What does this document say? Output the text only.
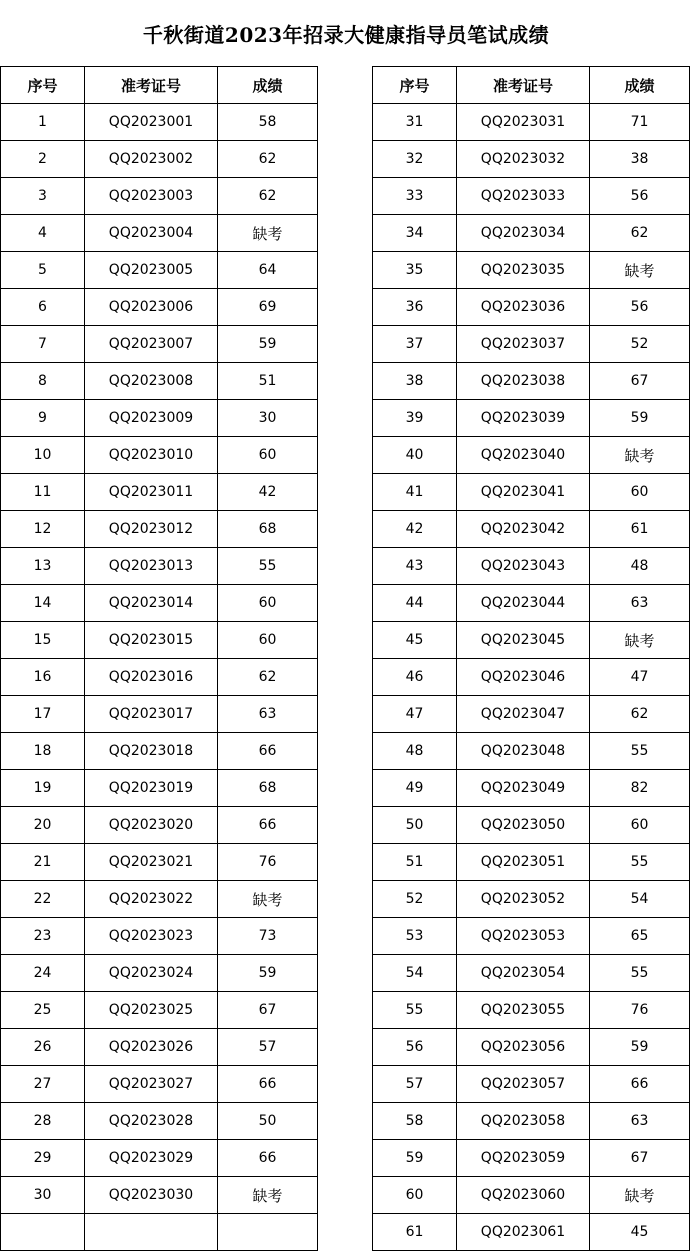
千秋街道2023年招录大健康指导员笔试成绩
序号	准考证号	成绩
1	QQ2023001	58
2	QQ2023002	62
3	QQ2023003	62
4	QQ2023004	缺考
5	QQ2023005	64
6	QQ2023006	69
7	QQ2023007	59
8	QQ2023008	51
9	QQ2023009	30
10	QQ2023010	60
11	QQ2023011	42
12	QQ2023012	68
13	QQ2023013	55
14	QQ2023014	60
15	QQ2023015	60
16	QQ2023016	62
17	QQ2023017	63
18	QQ2023018	66
19	QQ2023019	68
20	QQ2023020	66
21	QQ2023021	76
22	QQ2023022	缺考
23	QQ2023023	73
24	QQ2023024	59
25	QQ2023025	67
26	QQ2023026	57
27	QQ2023027	66
28	QQ2023028	50
29	QQ2023029	66
30	QQ2023030	缺考

序号	准考证号	成绩
31	QQ2023031	71
32	QQ2023032	38
33	QQ2023033	56
34	QQ2023034	62
35	QQ2023035	缺考
36	QQ2023036	56
37	QQ2023037	52
38	QQ2023038	67
39	QQ2023039	59
40	QQ2023040	缺考
41	QQ2023041	60
42	QQ2023042	61
43	QQ2023043	48
44	QQ2023044	63
45	QQ2023045	缺考
46	QQ2023046	47
47	QQ2023047	62
48	QQ2023048	55
49	QQ2023049	82
50	QQ2023050	60
51	QQ2023051	55
52	QQ2023052	54
53	QQ2023053	65
54	QQ2023054	55
55	QQ2023055	76
56	QQ2023056	59
57	QQ2023057	66
58	QQ2023058	63
59	QQ2023059	67
60	QQ2023060	缺考
61	QQ2023061	45
